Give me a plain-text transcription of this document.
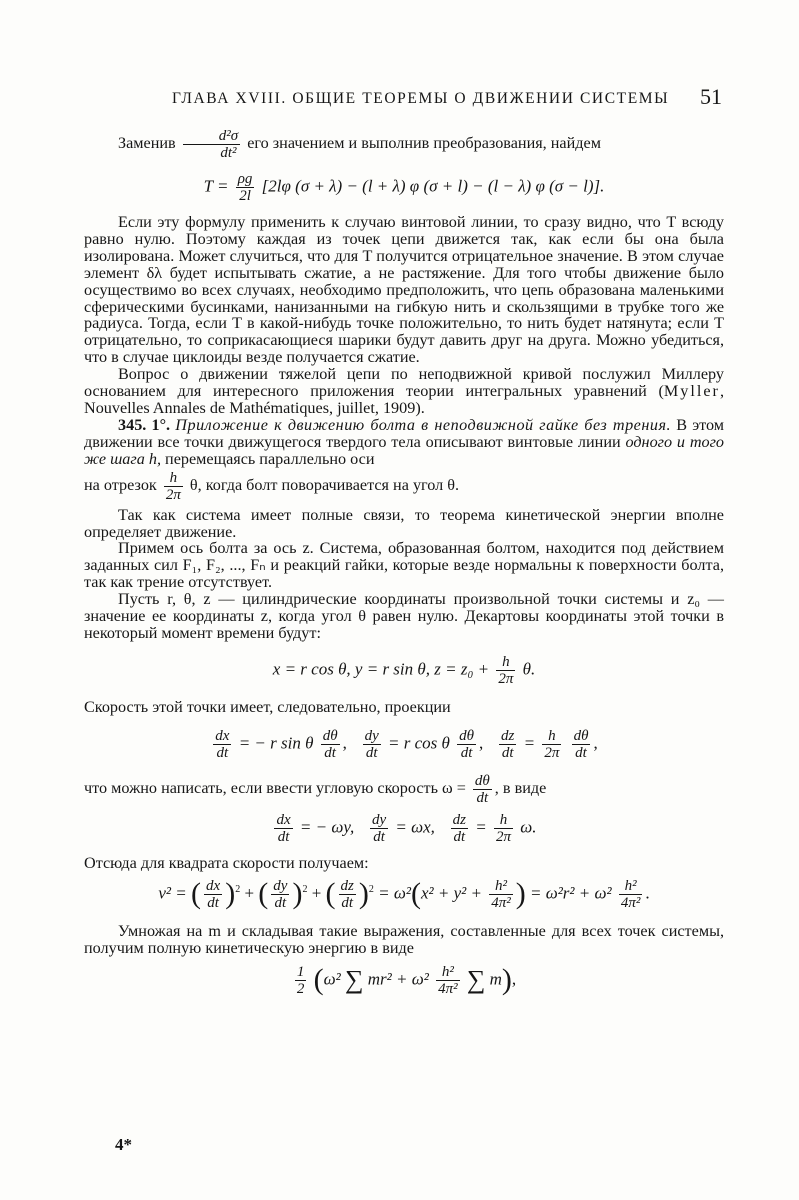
ГЛАВА XVIII. ОБЩИЕ ТЕОРЕМЫ О ДВИЖЕНИИ СИСТЕМЫ 51

Заменив $\frac{\text{d²σ}}{\text{dt²}}$ его значением и выполнив преобразования, найдем

$T = \frac{\rho g}{2l} [2l\varphi$ (σ + λ) − (l + λ) φ (σ + l) − (l − λ) φ (σ − l)].

Если эту формулу применить к случаю винтовой линии, то сразу видно, что T всюду равно нулю. Поэтому каждая из точек цепи движется так, как если бы она была изолирована. Может случиться, что для T получится отрицательное значение. В этом случае элемент δλ будет испытывать сжатие, а не растяжение. Для того чтобы движение было осуществимо во всех случаях, необходимо предположить, что цепь образована маленькими сферическими бусинками, нанизанными на гибкую нить и скользящими в трубке того же радиуса. Тогда, если T в какой-нибудь точке положительно, то нить будет натянута; если T отрицательно, то соприкасающиеся шарики будут давить друг на друга. Можно убедиться, что в случае циклоиды везде получается сжатие.

Вопрос о движении тяжелой цепи по неподвижной кривой послужил Миллеру основанием для интересного приложения теории интегральных уравнений (Myller, Nouvelles Annales de Mathématiques, juillet, 1909).

345. 1°. Приложение к движению болта в неподвижной гайке без трения. В этом движении все точки движущегося твердого тела описывают винтовые линии одного и того же шага h, перемещаясь параллельно оси

на отрезок $\frac{h}{2\pi} \theta$, когда болт поворачивается на угол θ.

Так как система имеет полные связи, то теорема кинетической энергии вполне определяет движение.

Примем ось болта за ось z. Система, образованная болтом, находится под действием заданных сил F₁, F₂, ..., Fₙ и реакций гайки, которые везде нормальны к поверхности болта, так как трение отсутствует.

Пусть r, θ, z — цилиндрические координаты произвольной точки системы и z₀ — значение ее координаты z, когда угол θ равен нулю. Декартовы координаты этой точки в некоторый момент времени будут:

x = r cos θ, y = r sin θ, $z = z_0 + \frac{h}{2\pi} \theta$.

Скорость этой точки имеет, следовательно, проекции

$\frac{dx}{dt}$ = − r sin θ $\frac{d\theta}{dt}$ , $\frac{dy}{dt} = r$ cos θ $\frac{d\theta}{dt}$ , $\frac{dz}{dt} = \frac{h}{2\pi}$
$\frac{d\theta}{dt}$ ,

что можно написать, если ввести угловую скорость $\omega = \frac{d\theta}{dt}$ , в виде

$\frac{dx}{dt}$ = − ωy, $\frac{dy}{dt} = \omega x$, $\frac{dz}{dt} = \frac{h}{2\pi} \omega$.

Отсюда для квадрата скорости получаем:

v² = ( $\frac{dx}{dt} )^2$ + ( $\frac{dy}{dt} )^2$ + ( $\frac{dz}{dt} )^2 = \omega^2(x^2 + y^2 + \frac{\text{h²}}{\text{4π²}}$ ) = $\omega^2r^2 + \omega^2 \frac{\text{h²}}{\text{4π²}}$ .

Умножая на m и складывая такие выражения, составленные для всех точек системы, получим полную кинетическую энергию в виде

$\frac{1}{2} (\omega^2$ ∑ $mr^2 + \omega^2 \frac{\text{h²}}{\text{4π²}}$ ∑ m),
4*
